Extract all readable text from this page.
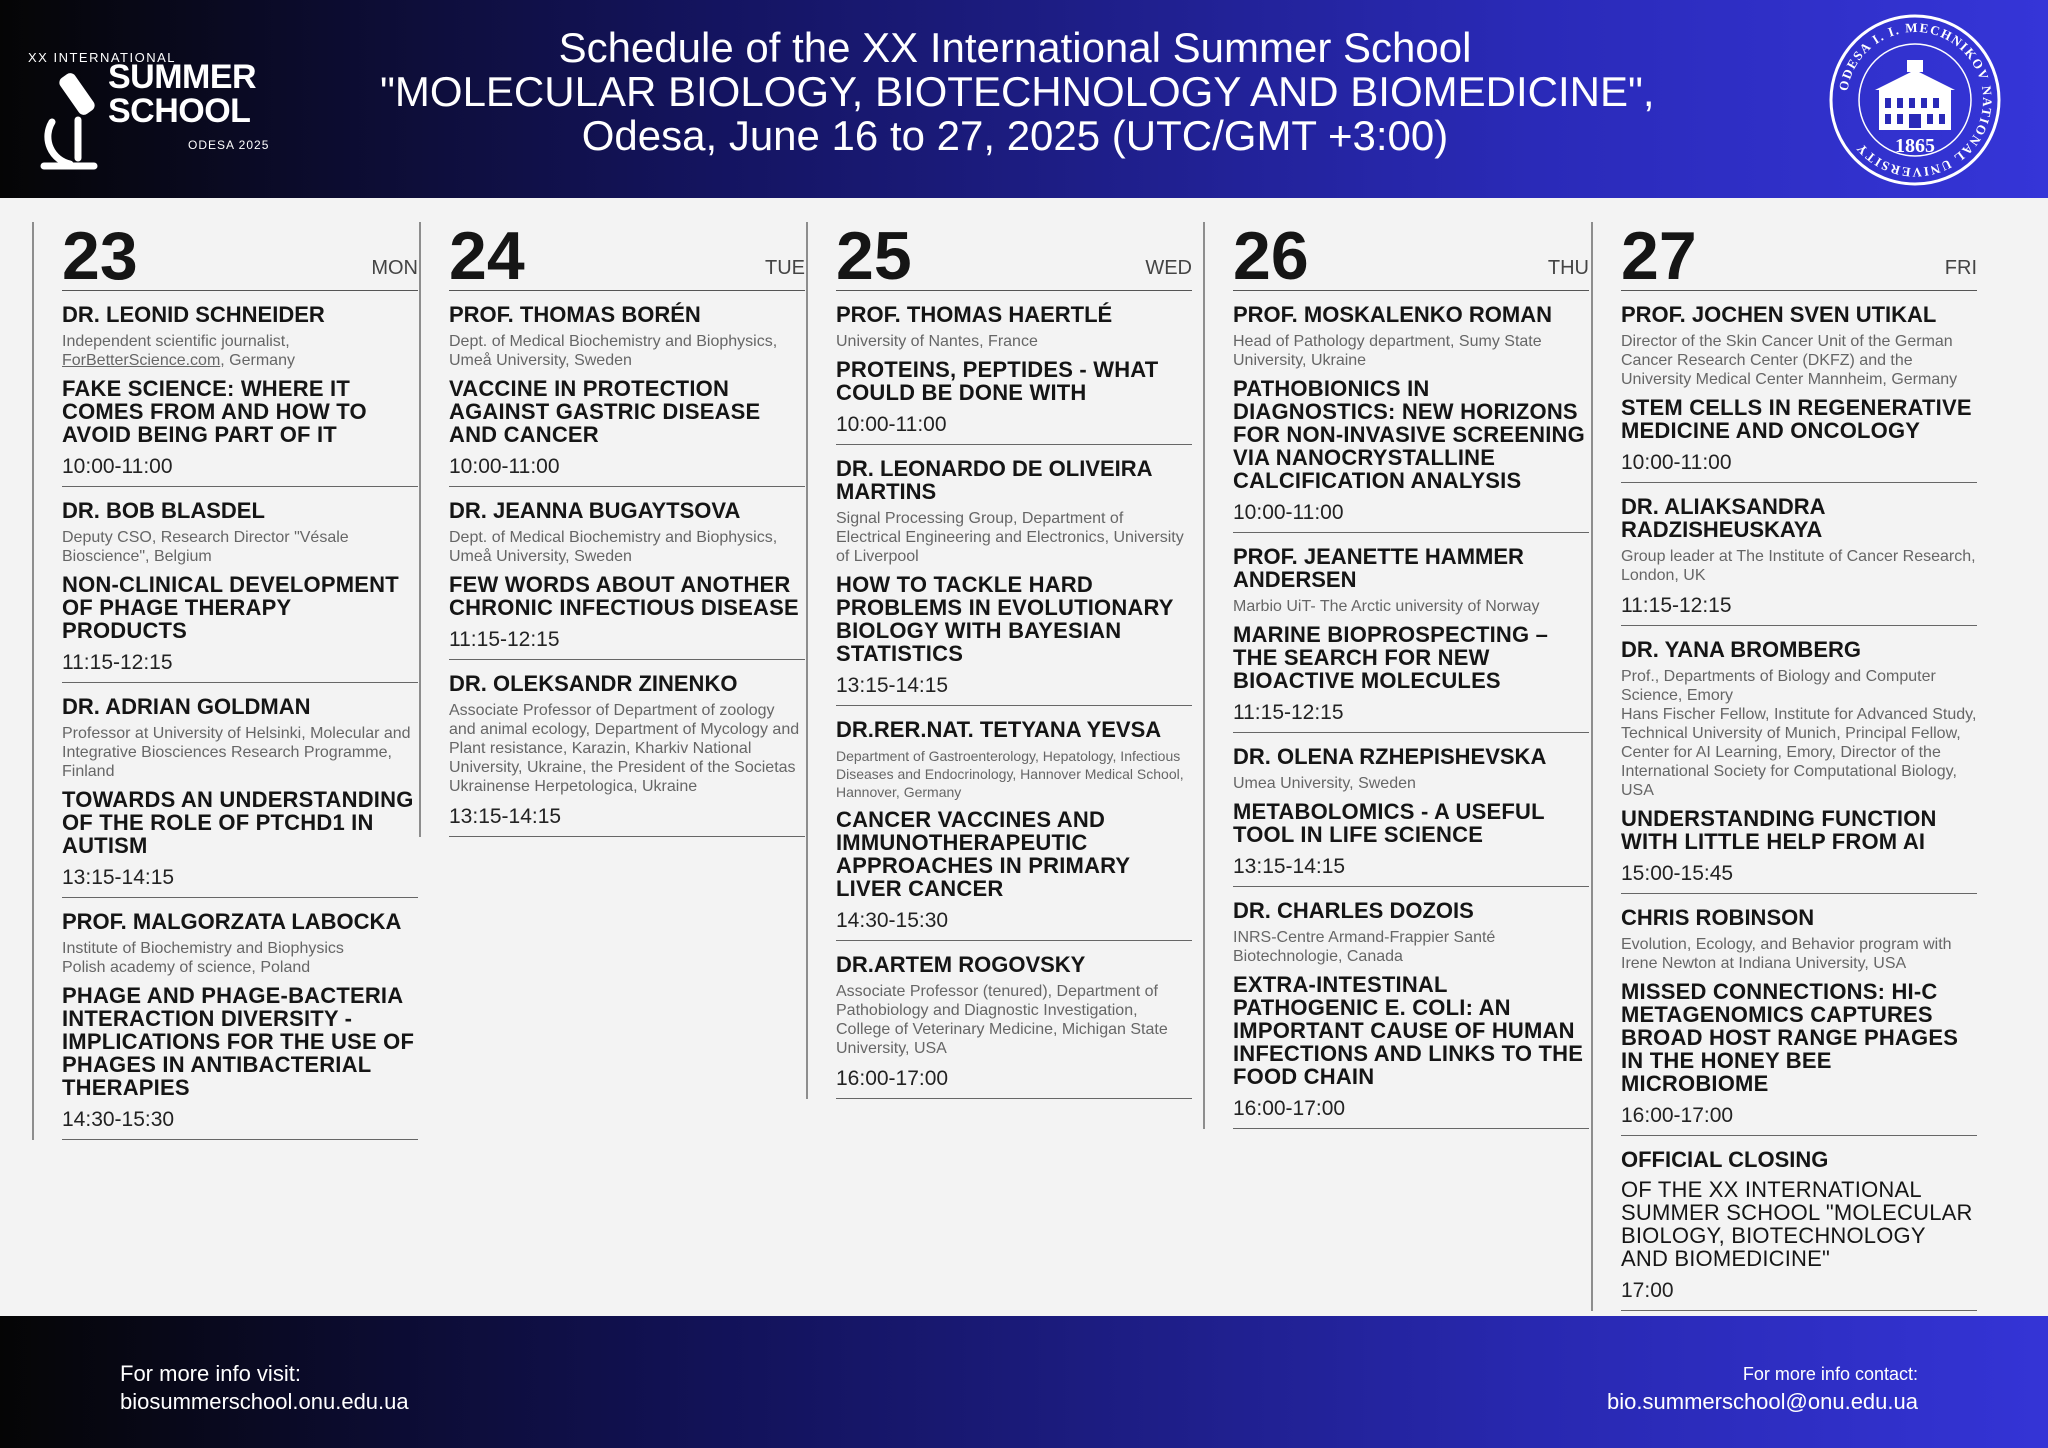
XX INTERNATIONAL
SUMMER
SCHOOL
ODESA 2025
Schedule of the XX International Summer School
"MOLECULAR BIOLOGY, BIOTECHNOLOGY AND BIOMEDICINE",
Odesa, June 16 to 27, 2025 (UTC/GMT +3:00)
ODESA I. I. MECHNIKOV NATIONAL UNIVERSITY	1865
23	MON
DR. LEONID SCHNEIDER
Independent scientific journalist,
ForBetterScience.com, Germany
FAKE SCIENCE: WHERE IT COMES FROM AND HOW TO AVOID BEING PART OF IT
10:00-11:00
DR. BOB BLASDEL
Deputy CSO, Research Director "Vésale Bioscience", Belgium
NON-CLINICAL DEVELOPMENT OF PHAGE THERAPY PRODUCTS
11:15-12:15
DR. ADRIAN GOLDMAN
Professor at University of Helsinki, Molecular and Integrative Biosciences Research Programme, Finland
TOWARDS AN UNDERSTANDING OF THE ROLE OF PTCHD1 IN AUTISM
13:15-14:15
PROF. MALGORZATA LABOCKA
Institute of Biochemistry and Biophysics
Polish academy of science, Poland
PHAGE AND PHAGE-BACTERIA INTERACTION DIVERSITY - IMPLICATIONS FOR THE USE OF PHAGES IN ANTIBACTERIAL THERAPIES
14:30-15:30
24	TUE
PROF. THOMAS BORÉN
Dept. of Medical Biochemistry and Biophysics,
Umeå University, Sweden
VACCINE IN PROTECTION AGAINST GASTRIC DISEASE AND CANCER
10:00-11:00
DR. JEANNA BUGAYTSOVA
Dept. of Medical Biochemistry and Biophysics,
Umeå University, Sweden
FEW WORDS ABOUT ANOTHER CHRONIC INFECTIOUS DISEASE
11:15-12:15
DR. OLEKSANDR ZINENKO
Associate Professor of Department of zoology and animal ecology, Department of Mycology and Plant resistance, Karazin, Kharkiv National University, Ukraine, the President of the Societas Ukrainense Herpetologica, Ukraine
13:15-14:15
25	WED
PROF. THOMAS HAERTLÉ
University of Nantes, France
PROTEINS, PEPTIDES - WHAT COULD BE DONE WITH
10:00-11:00
DR. LEONARDO DE OLIVEIRA MARTINS
Signal Processing Group, Department of Electrical Engineering and Electronics, University of Liverpool
HOW TO TACKLE HARD PROBLEMS IN EVOLUTIONARY BIOLOGY WITH BAYESIAN STATISTICS
13:15-14:15
DR.RER.NAT. TETYANA YEVSA
Department of Gastroenterology, Hepatology, Infectious Diseases and Endocrinology, Hannover Medical School, Hannover, Germany
CANCER VACCINES AND IMMUNOTHERAPEUTIC APPROACHES IN PRIMARY LIVER CANCER
14:30-15:30
DR.ARTEM ROGOVSKY
Associate Professor (tenured), Department of Pathobiology and Diagnostic Investigation, College of Veterinary Medicine, Michigan State University, USA
16:00-17:00
26	THU
PROF. MOSKALENKO ROMAN
Head of Pathology department, Sumy State University, Ukraine
PATHOBIONICS IN DIAGNOSTICS: NEW HORIZONS FOR NON-INVASIVE SCREENING VIA NANOCRYSTALLINE CALCIFICATION ANALYSIS
10:00-11:00
PROF. JEANETTE HAMMER ANDERSEN
Marbio UiT- The Arctic university of Norway
MARINE BIOPROSPECTING – THE SEARCH FOR NEW BIOACTIVE MOLECULES
11:15-12:15
DR. OLENA RZHEPISHEVSKA
Umea University, Sweden
METABOLOMICS - A USEFUL TOOL IN LIFE SCIENCE
13:15-14:15
DR. CHARLES DOZOIS
INRS-Centre Armand-Frappier Santé Biotechnologie, Canada
EXTRA-INTESTINAL PATHOGENIC E. COLI: AN IMPORTANT CAUSE OF HUMAN INFECTIONS AND LINKS TO THE FOOD CHAIN
16:00-17:00
27	FRI
PROF. JOCHEN SVEN UTIKAL
Director of the Skin Cancer Unit of the German Cancer Research Center (DKFZ) and the University Medical Center Mannheim, Germany
STEM CELLS IN REGENERATIVE MEDICINE AND ONCOLOGY
10:00-11:00
DR. ALIAKSANDRA RADZISHEUSKAYA
Group leader at The Institute of Cancer Research, London, UK
11:15-12:15
DR. YANA BROMBERG
Prof., Departments of Biology and Computer Science, Emory
Hans Fischer Fellow, Institute for Advanced Study, Technical University of Munich, Principal Fellow, Center for AI Learning, Emory, Director of the International Society for Computational Biology, USA
UNDERSTANDING FUNCTION WITH LITTLE HELP FROM AI
15:00-15:45
CHRIS ROBINSON
Evolution, Ecology, and Behavior program with Irene Newton at Indiana University, USA
MISSED CONNECTIONS: HI-C METAGENOMICS CAPTURES BROAD HOST RANGE PHAGES IN THE HONEY BEE MICROBIOME
16:00-17:00
OFFICIAL CLOSING
OF THE XX INTERNATIONAL SUMMER SCHOOL "MOLECULAR BIOLOGY, BIOTECHNOLOGY AND BIOMEDICINE"
17:00
For more info visit:
biosummerschool.onu.edu.ua
For more info contact:
bio.summerschool@onu.edu.ua
